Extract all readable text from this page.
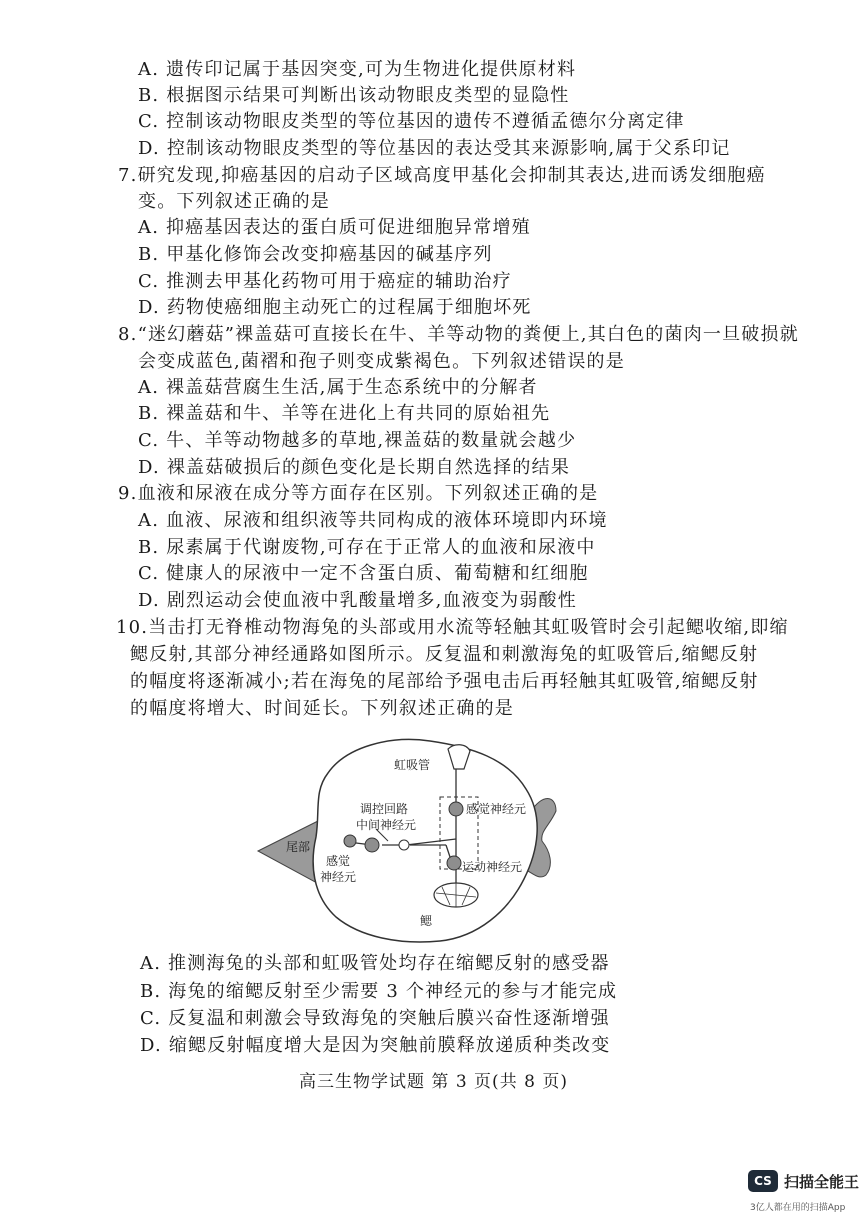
A. 遗传印记属于基因突变,可为生物进化提供原材料
B. 根据图示结果可判断出该动物眼皮类型的显隐性
C. 控制该动物眼皮类型的等位基因的遗传不遵循孟德尔分离定律
D. 控制该动物眼皮类型的等位基因的表达受其来源影响,属于父系印记
7.研究发现,抑癌基因的启动子区域高度甲基化会抑制其表达,进而诱发细胞癌
变。下列叙述正确的是
A. 抑癌基因表达的蛋白质可促进细胞异常增殖
B. 甲基化修饰会改变抑癌基因的碱基序列
C. 推测去甲基化药物可用于癌症的辅助治疗
D. 药物使癌细胞主动死亡的过程属于细胞坏死
8.“迷幻蘑菇”裸盖菇可直接长在牛、羊等动物的粪便上,其白色的菌肉一旦破损就
会变成蓝色,菌褶和孢子则变成紫褐色。下列叙述错误的是
A. 裸盖菇营腐生生活,属于生态系统中的分解者
B. 裸盖菇和牛、羊等在进化上有共同的原始祖先
C. 牛、羊等动物越多的草地,裸盖菇的数量就会越少
D. 裸盖菇破损后的颜色变化是长期自然选择的结果
9.血液和尿液在成分等方面存在区别。下列叙述正确的是
A. 血液、尿液和组织液等共同构成的液体环境即内环境
B. 尿素属于代谢废物,可存在于正常人的血液和尿液中
C. 健康人的尿液中一定不含蛋白质、葡萄糖和红细胞
D. 剧烈运动会使血液中乳酸量增多,血液变为弱酸性
10.当击打无脊椎动物海兔的头部或用水流等轻触其虹吸管时会引起鳃收缩,即缩
鳃反射,其部分神经通路如图所示。反复温和刺激海兔的虹吸管后,缩鳃反射
的幅度将逐渐减小;若在海兔的尾部给予强电击后再轻触其虹吸管,缩鳃反射
的幅度将增大、时间延长。下列叙述正确的是
虹吸管
感觉神经元
调控回路
中间神经元
尾部
感觉
神经元
运动神经元
鳃
A. 推测海兔的头部和虹吸管处均存在缩鳃反射的感受器
B. 海兔的缩鳃反射至少需要 3 个神经元的参与才能完成
C. 反复温和刺激会导致海兔的突触后膜兴奋性逐渐增强
D. 缩鳃反射幅度增大是因为突触前膜释放递质种类改变
高三生物学试题 第 3 页(共 8 页)
CS 扫描全能王
3亿人都在用的扫描App
